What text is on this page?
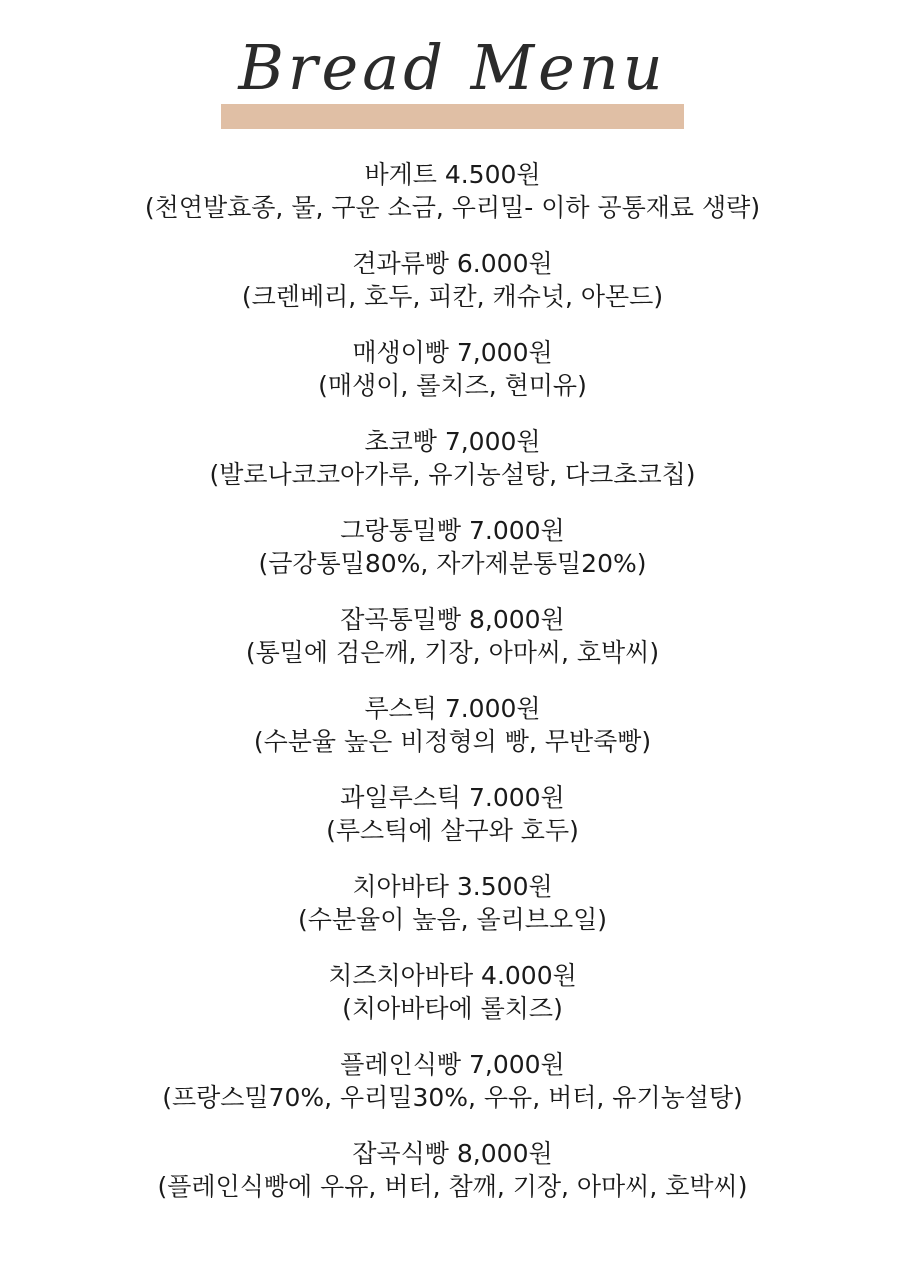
Bread Menu
바게트 4.500원
(천연발효종, 물, 구운 소금, 우리밀- 이하 공통재료 생략)
견과류빵 6.000원
(크렌베리, 호두, 피칸, 캐슈넛, 아몬드)
매생이빵 7,000원
(매생이, 롤치즈, 현미유)
초코빵 7,000원
(발로나코코아가루, 유기농설탕, 다크초코칩)
그랑통밀빵 7.000원
(금강통밀80%, 자가제분통밀20%)
잡곡통밀빵 8,000원
(통밀에 검은깨, 기장, 아마씨, 호박씨)
루스틱 7.000원
(수분율 높은 비정형의 빵, 무반죽빵)
과일루스틱 7.000원
(루스틱에 살구와 호두)
치아바타 3.500원
(수분율이 높음, 올리브오일)
치즈치아바타 4.000원
(치아바타에 롤치즈)
플레인식빵 7,000원
(프랑스밀70%, 우리밀30%, 우유, 버터, 유기농설탕)
잡곡식빵 8,000원
(플레인식빵에 우유, 버터, 참깨, 기장, 아마씨, 호박씨)
